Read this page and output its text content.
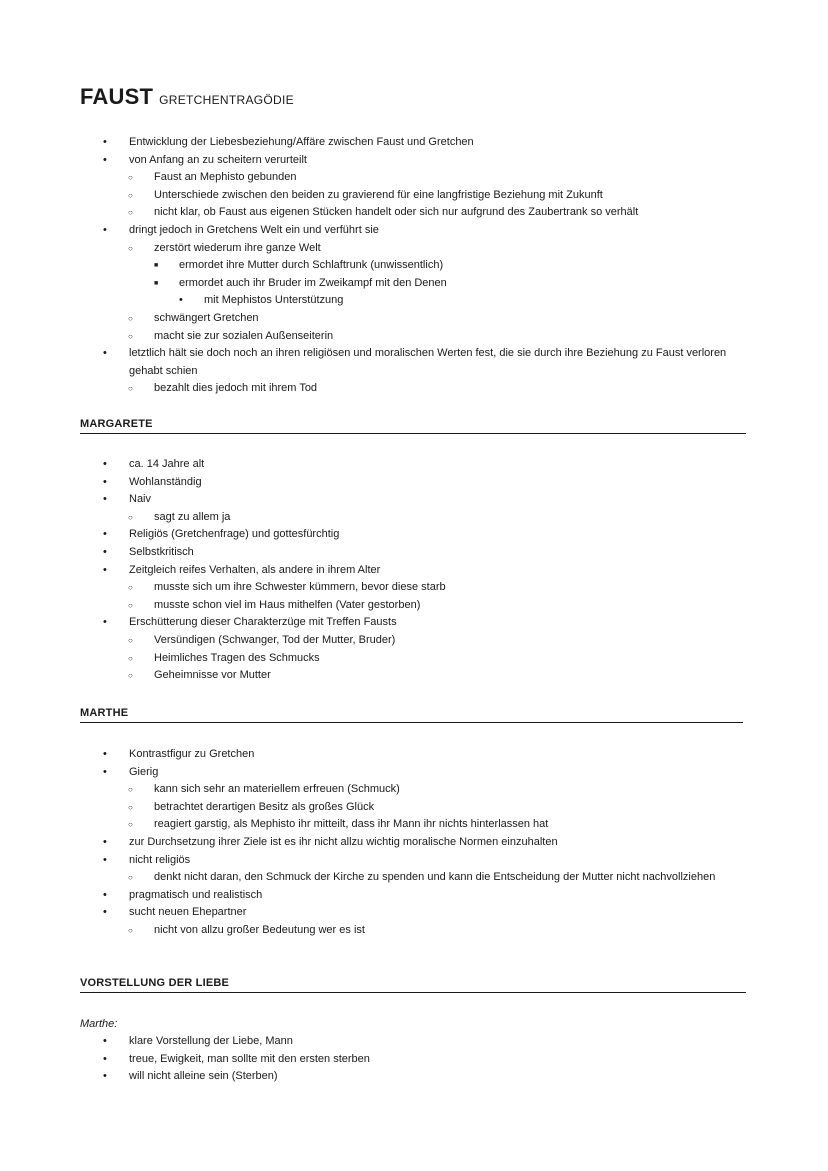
FAUST GRETCHENTRAGÖDIE
• Entwicklung der Liebesbeziehung/Affäre zwischen Faust und Gretchen
• von Anfang an zu scheitern verurteilt
○ Faust an Mephisto gebunden
○ Unterschiede zwischen den beiden zu gravierend für eine langfristige Beziehung mit Zukunft
○ nicht klar, ob Faust aus eigenen Stücken handelt oder sich nur aufgrund des Zaubertrank so verhält
• dringt jedoch in Gretchens Welt ein und verführt sie
○ zerstört wiederum ihre ganze Welt
■ ermordet ihre Mutter durch Schlaftrunk (unwissentlich)
■ ermordet auch ihr Bruder im Zweikampf mit den Denen
• mit Mephistos Unterstützung
○ schwängert Gretchen
○ macht sie zur sozialen Außenseiterin
• letztlich hält sie doch noch an ihren religiösen und moralischen Werten fest, die sie durch ihre Beziehung zu Faust verloren gehabt schien
○ bezahlt dies jedoch mit ihrem Tod
MARGARETE
• ca. 14 Jahre alt
• Wohlanständig
• Naiv
○ sagt zu allem ja
• Religiös (Gretchenfrage) und gottesfürchtig
• Selbstkritisch
• Zeitgleich reifes Verhalten, als andere in ihrem Alter
○ musste sich um ihre Schwester kümmern, bevor diese starb
○ musste schon viel im Haus mithelfen (Vater gestorben)
• Erschütterung dieser Charakterzüge mit Treffen Fausts
○ Versündigen (Schwanger, Tod der Mutter, Bruder)
○ Heimliches Tragen des Schmucks
○ Geheimnisse vor Mutter
MARTHE
• Kontrastfigur zu Gretchen
• Gierig
○ kann sich sehr an materiellem erfreuen (Schmuck)
○ betrachtet derartigen Besitz als großes Glück
○ reagiert garstig, als Mephisto ihr mitteilt, dass ihr Mann ihr nichts hinterlassen hat
• zur Durchsetzung ihrer Ziele ist es ihr nicht allzu wichtig moralische Normen einzuhalten
• nicht religiös
○ denkt nicht daran, den Schmuck der Kirche zu spenden und kann die Entscheidung der Mutter nicht nachvollziehen
• pragmatisch und realistisch
• sucht neuen Ehepartner
○ nicht von allzu großer Bedeutung wer es ist
VORSTELLUNG DER LIEBE
Marthe:
• klare Vorstellung der Liebe, Mann
• treue, Ewigkeit, man sollte mit den ersten sterben
• will nicht alleine sein (Sterben)
